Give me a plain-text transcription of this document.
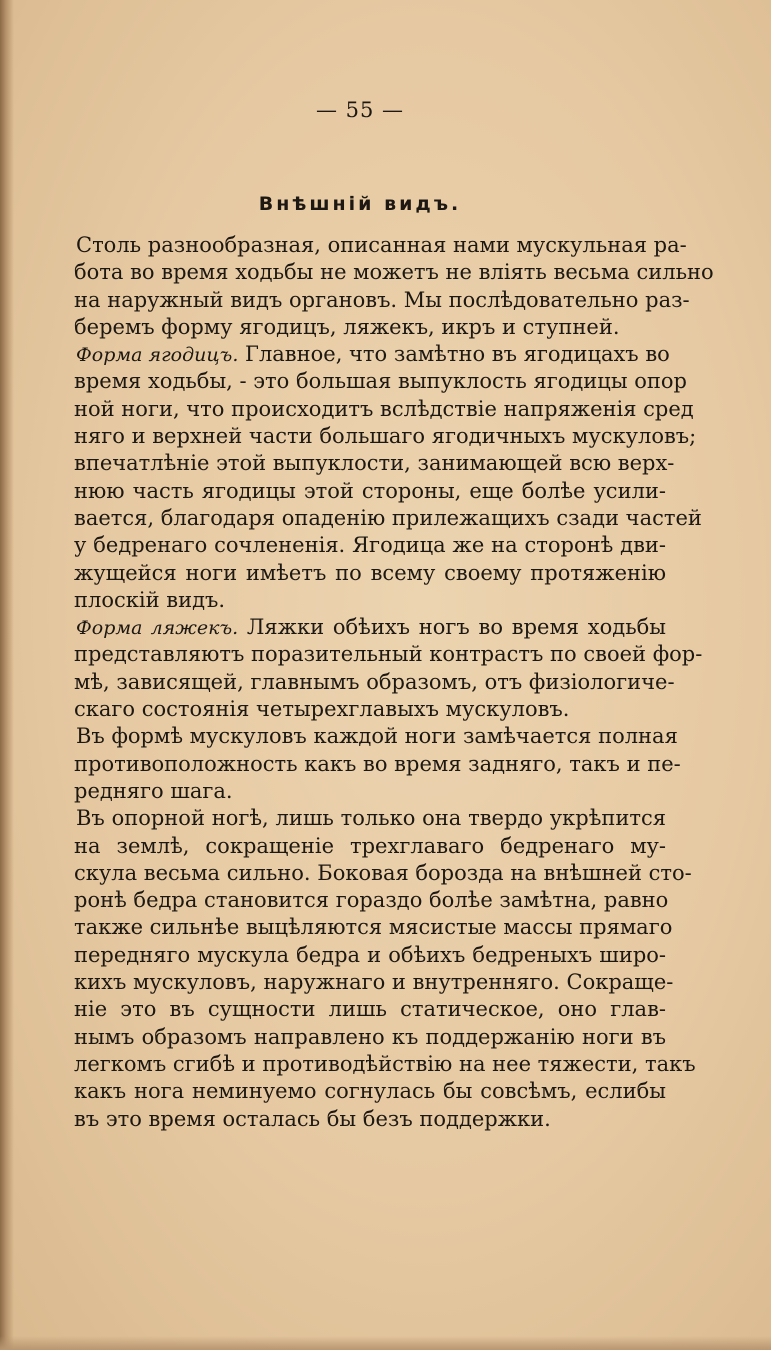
— 55 —
Внѣшній видъ.
Столь разнообразная, описанная нами мускульная ра-
бота во время ходьбы не можетъ не вліять весьма сильно
на наружный видъ органовъ. Мы послѣдовательно раз-
беремъ форму ягодицъ, ляжекъ, икръ и ступней.
Форма ягодицъ. Главное, что замѣтно въ ягодицахъ во
время ходьбы, - это большая выпуклость ягодицы опор
ной ноги, что происходитъ вслѣдствіе напряженія сред
няго и верхней части большаго ягодичныхъ мускуловъ;
впечатлѣніе этой выпуклости, занимающей всю верх-
нюю часть ягодицы этой стороны, еще болѣе усили-
вается, благодаря опаденію прилежащихъ сзади частей
у бедренаго сочлененія. Ягодица же на сторонѣ дви-
жущейся ноги имѣетъ по всему своему протяженію
плоскій видъ.
Форма ляжекъ. Ляжки обѣихъ ногъ во время ходьбы
представляютъ поразительный контрастъ по своей фор-
мѣ, зависящей, главнымъ образомъ, отъ физіологиче-
скаго состоянія четырехглавыхъ мускуловъ.
Въ формѣ мускуловъ каждой ноги замѣчается полная
противоположность какъ во время задняго, такъ и пе-
редняго шага.
Въ опорной ногѣ, лишь только она твердо укрѣпится
на землѣ, сокращеніе трехглаваго бедренаго му-
скула весьма сильно. Боковая борозда на внѣшней сто-
ронѣ бедра становится гораздо болѣе замѣтна, равно
также сильнѣе выцѣляются мясистые массы прямаго
передняго мускула бедра и обѣихъ бедреныхъ широ-
кихъ мускуловъ, наружнаго и внутренняго. Сокраще-
ніе это въ сущности лишь статическое, оно глав-
нымъ образомъ направлено къ поддержанію ноги въ
легкомъ сгибѣ и противодѣйствію на нее тяжести, такъ
какъ нога неминуемо согнулась бы совсѣмъ, еслибы
въ это время осталась бы безъ поддержки.
